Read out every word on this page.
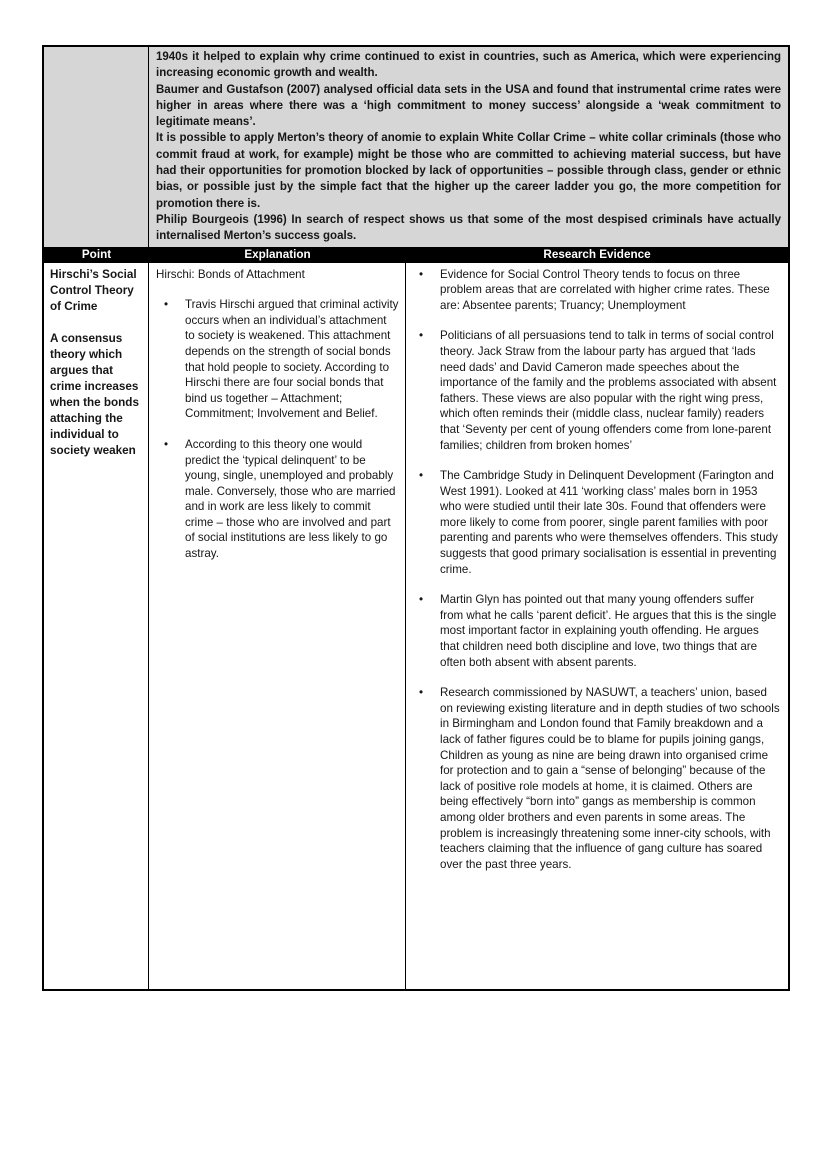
1940s it helped to explain why crime continued to exist in countries, such as America, which were experiencing increasing economic growth and wealth.

Baumer and Gustafson (2007) analysed official data sets in the USA and found that instrumental crime rates were higher in areas where there was a ‘high commitment to money success’ alongside a ‘weak commitment to legitimate means’.

It is possible to apply Merton’s theory of anomie to explain White Collar Crime – white collar criminals (those who commit fraud at work, for example) might be those who are committed to achieving material success, but have had their opportunities for promotion blocked by lack of opportunities – possible through class, gender or ethnic bias, or possible just by the simple fact that the higher up the career ladder you go, the more competition for promotion there is.

Philip Bourgeois (1996) In search of respect shows us that some of the most despised criminals have actually internalised Merton’s success goals.

Point	Explanation	Research Evidence

Hirschi’s Social Control Theory of Crime

A consensus theory which argues that crime increases when the bonds attaching the individual to society weaken

Hirschi: Bonds of Attachment

•
Travis Hirschi argued that criminal activity occurs when an individual’s attachment to society is weakened. This attachment depends on the strength of social bonds that hold people to society. According to Hirschi there are four social bonds that bind us together – Attachment; Commitment; Involvement and Belief.
•
According to this theory one would predict the ‘typical delinquent’ to be young, single, unemployed and probably male. Conversely, those who are married and in work are less likely to commit crime – those who are involved and part of social institutions are less likely to go astray.
•
Evidence for Social Control Theory tends to focus on three problem areas that are correlated with higher crime rates. These are: Absentee parents; Truancy; Unemployment
•
Politicians of all persuasions tend to talk in terms of social control theory. Jack Straw from the labour party has argued that ‘lads need dads’ and David Cameron made speeches about the importance of the family and the problems associated with absent fathers. These views are also popular with the right wing press, which often reminds their (middle class, nuclear family) readers that ‘Seventy per cent of young offenders come from lone-parent families; children from broken homes’
•
The Cambridge Study in Delinquent Development (Farington and West 1991). Looked at 411 ‘working class’ males born in 1953 who were studied until their late 30s. Found that offenders were more likely to come from poorer, single parent families with poor parenting and parents who were themselves offenders. This study suggests that good primary socialisation is essential in preventing crime.
•
Martin Glyn has pointed out that many young offenders suffer from what he calls ‘parent deficit’. He argues that this is the single most important factor in explaining youth offending. He argues that children need both discipline and love, two things that are often both absent with absent parents.
•
Research commissioned by NASUWT, a teachers’ union, based on reviewing existing literature and in depth studies of two schools in Birmingham and London found that Family breakdown and a lack of father figures could be to blame for pupils joining gangs, Children as young as nine are being drawn into organised crime for protection and to gain a “sense of belonging” because of the lack of positive role models at home, it is claimed. Others are being effectively “born into” gangs as membership is common among older brothers and even parents in some areas. The problem is increasingly threatening some inner-city schools, with teachers claiming that the influence of gang culture has soared over the past three years.
